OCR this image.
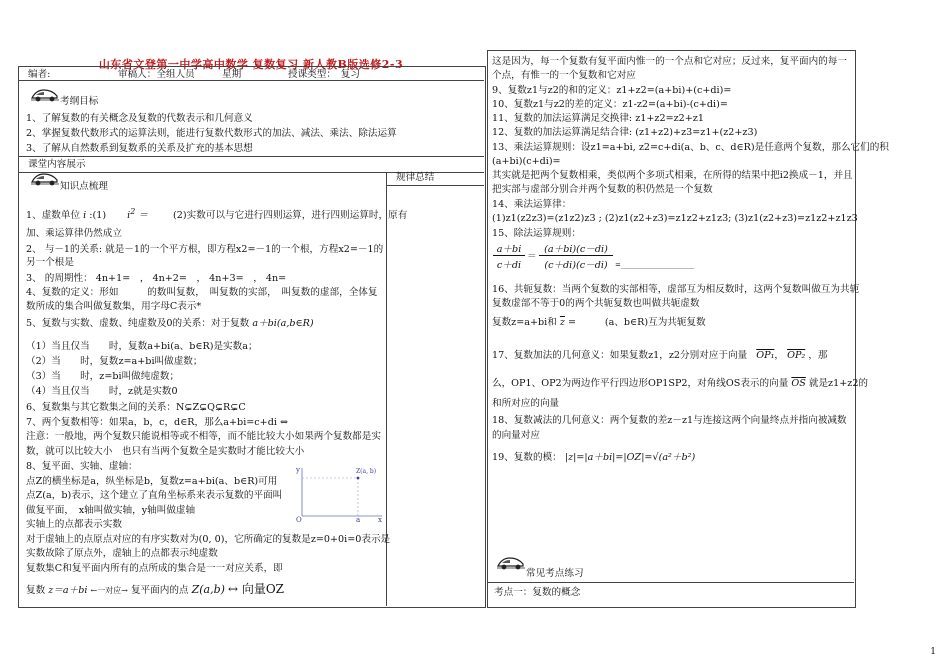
山东省文登第一中学高中数学 复数复习 新人教B版选修2-3
编者:	审稿人：全组人员	星期	授课类型：　复习
考纲目标
1、了解复数的有关概念及复数的代数表示和几何意义
2、掌握复数代数形式的运算法则，能进行复数代数形式的加法、减法、乘法、除法运算
3、了解从自然数系到复数系的关系及扩充的基本思想
课堂内容展示
规律总结
知识点梳理
1、虚数单位 i :(1) $i^2$ ＝	(2)实数可以与它进行四则运算，进行四则运算时，原有
加、乘运算律仍然成立
2、 与－1的关系: 就是－1的一个平方根，即方程x2=－1的一个根，方程x2=－1的
另一个根是
3、 的周期性： 4n+1=　， 4n+2=　， 4n+3=　， 4n=
4、复数的定义：形如　　　的数叫复数，　叫复数的实部，　叫复数的虚部，全体复
数所成的集合叫做复数集，用字母C表示*
5、复数与实数、虚数、纯虚数及0的关系：对于复数 a＋bi(a,b∈R)
（1）当且仅当　　时，复数a+bi(a、b∈R)是实数a；
（2）当　　时，复数z=a+bi叫做虚数；
（3）当　　时，z=bi叫做纯虚数；
（4）当且仅当　　时，z就是实数0
6、复数集与其它数集之间的关系：N⊊Z⊊Q⊊R⊊C
7、两个复数相等：如果a，b，c，d∈R，那么a+bi=c+di ⇔
注意：一般地，两个复数只能说相等或不相等，而不能比较大小如果两个复数都是实
数，就可以比较大小　也只有当两个复数全是实数时才能比较大小
8、复平面、实轴、虚轴：
点Z的横坐标是a，纵坐标是b，复数z=a+bi(a、b∈R)可用
点Z(a，b)表示，这个建立了直角坐标系来表示复数的平面叫
做复平面，　x轴叫做实轴，y轴叫做虚轴
实轴上的点都表示实数
Z(a, b)
O	a	x
y
对于虚轴上的点原点对应的有序实数对为(0, 0)，它所确定的复数是z=0+0i=0表示是
实数故除了原点外，虚轴上的点都表示纯虚数
复数集C和复平面内所有的点所成的集合是一一对应关系，即
复数 z＝a＋bi ←一对应→ 复平面内的点 Z(a,b) ↔ 向量OZ
这是因为，每一个复数有复平面内惟一的一个点和它对应；反过来，复平面内的每一
个点，有惟一的一个复数和它对应
9、复数z1与z2的和的定义：z1+z2=(a+bi)+(c+di)=
10、复数z1与z2的差的定义：z1-z2=(a+bi)-(c+di)=
11、复数的加法运算满足交换律: z1+z2=z2+z1
12、复数的加法运算满足结合律: (z1+z2)+z3=z1+(z2+z3)
13、乘法运算规则：设z1=a+bi, z2=c+di(a、b、c、d∈R)是任意两个复数，那么它们的积
(a+bi)(c+di)=
其实就是把两个复数相乘，类似两个多项式相乘，在所得的结果中把i2换成－1，并且
把实部与虚部分别合并两个复数的积仍然是一个复数
14、乘法运算律：
(1)z1(z2z3)=(z1z2)z3 ; (2)z1(z2+z3)=z1z2+z1z3; (3)z1(z2+z3)=z1z2+z1z3
15、除法运算规则：
a＋bi
c＋di
＝
(a＋bi)(c－di)
(c＋di)(c－di)	=_____________________
16、共轭复数：当两个复数的实部相等，虚部互为相反数时，这两个复数叫做互为共轭
复数虚部不等于0的两个共轭复数也叫做共轭虚数
复数z=a+bi和 $\overline{z}$ =　　　(a、b∈R)互为共轭复数
17、复数加法的几何意义：如果复数z1，z2分别对应于向量 OP₁， OP₂ ，那
么，OP1、OP2为两边作平行四边形OP1SP2，对角线OS表示的向量 $\overline{OS}$ 就是z1+z2的
和所对应的向量
18、复数减法的几何意义：两个复数的差z－z1与连接这两个向量终点并指向被减数
的向量对应
19、复数的模： |z|=|a＋bi|=|OZ|=√(a²＋b²)
常见考点练习
考点一：复数的概念
1
